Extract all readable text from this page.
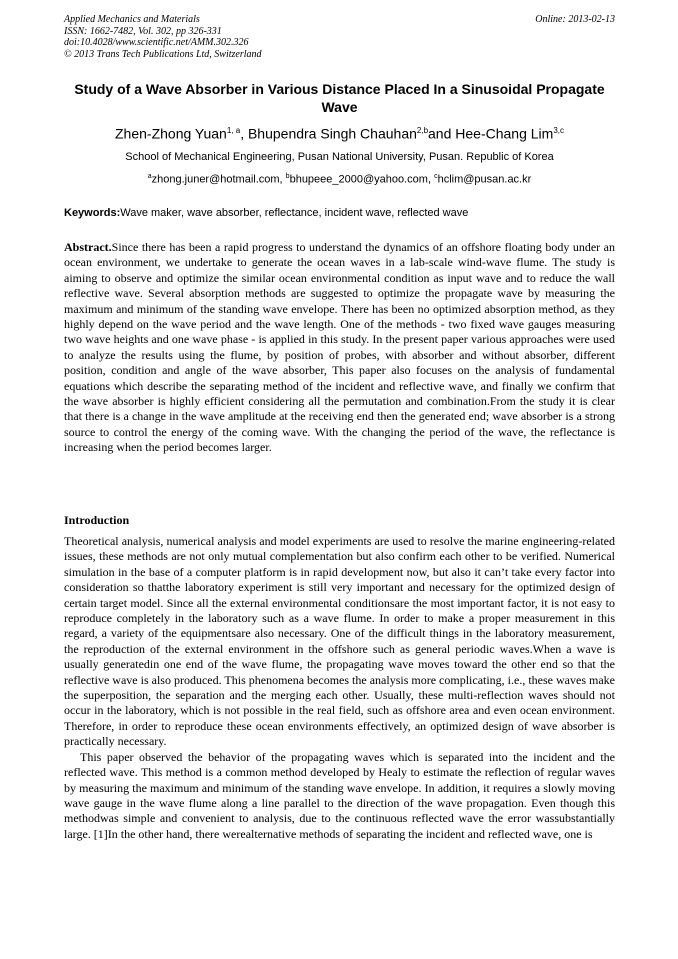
Applied Mechanics and Materials
ISSN: 1662-7482, Vol. 302, pp 326-331
doi:10.4028/www.scientific.net/AMM.302.326
© 2013 Trans Tech Publications Ltd, Switzerland
Online: 2013-02-13
Study of a Wave Absorber in Various Distance Placed In a Sinusoidal Propagate Wave
Zhen-Zhong Yuan$^{1, a}$, Bhupendra Singh Chauhan$^{2,b}$and Hee-Chang Lim$^{3,c}$
School of Mechanical Engineering, Pusan National University, Pusan. Republic of Korea
$^a$zhong.juner@hotmail.com, $^b$bhupeee_2000@yahoo.com, $^c$hclim@pusan.ac.kr
Keywords:Wave maker, wave absorber, reflectance, incident wave, reflected wave

Abstract.Since there has been a rapid progress to understand the dynamics of an offshore floating body under an ocean environment, we undertake to generate the ocean waves in a lab-scale wind-wave flume. The study is aiming to observe and optimize the similar ocean environmental condition as input wave and to reduce the wall reflective wave. Several absorption methods are suggested to optimize the propagate wave by measuring the maximum and minimum of the standing wave envelope. There has been no optimized absorption method, as they highly depend on the wave period and the wave length. One of the methods - two fixed wave gauges measuring two wave heights and one wave phase - is applied in this study. In the present paper various approaches were used to analyze the results using the flume, by position of probes, with absorber and without absorber, different position, condition and angle of the wave absorber, This paper also focuses on the analysis of fundamental equations which describe the separating method of the incident and reflective wave, and finally we confirm that the wave absorber is highly efficient considering all the permutation and combination.From the study it is clear that there is a change in the wave amplitude at the receiving end then the generated end; wave absorber is a strong source to control the energy of the coming wave. With the changing the period of the wave, the reflectance is increasing when the period becomes larger.

Introduction

Theoretical analysis, numerical analysis and model experiments are used to resolve the marine engineering-related issues, these methods are not only mutual complementation but also confirm each other to be verified. Numerical simulation in the base of a computer platform is in rapid development now, but also it can’t take every factor into consideration so thatthe laboratory experiment is still very important and necessary for the optimized design of certain target model. Since all the external environmental conditionsare the most important factor, it is not easy to reproduce completely in the laboratory such as a wave flume. In order to make a proper measurement in this regard, a variety of the equipmentsare also necessary. One of the difficult things in the laboratory measurement, the reproduction of the external environment in the offshore such as general periodic waves.When a wave is usually generatedin one end of the wave flume, the propagating wave moves toward the other end so that the reflective wave is also produced. This phenomena becomes the analysis more complicating, i.e., these waves make the superposition, the separation and the merging each other. Usually, these multi-reflection waves should not occur in the laboratory, which is not possible in the real field, such as offshore area and even ocean environment. Therefore, in order to reproduce these ocean environments effectively, an optimized design of wave absorber is practically necessary.

This paper observed the behavior of the propagating waves which is separated into the incident and the reflected wave. This method is a common method developed by Healy to estimate the reflection of regular waves by measuring the maximum and minimum of the standing wave envelope. In addition, it requires a slowly moving wave gauge in the wave flume along a line parallel to the direction of the wave propagation. Even though this methodwas simple and convenient to analysis, due to the continuous reflected wave the error wassubstantially large. [1]In the other hand, there werealternative methods of separating the incident and reflected wave, one is
